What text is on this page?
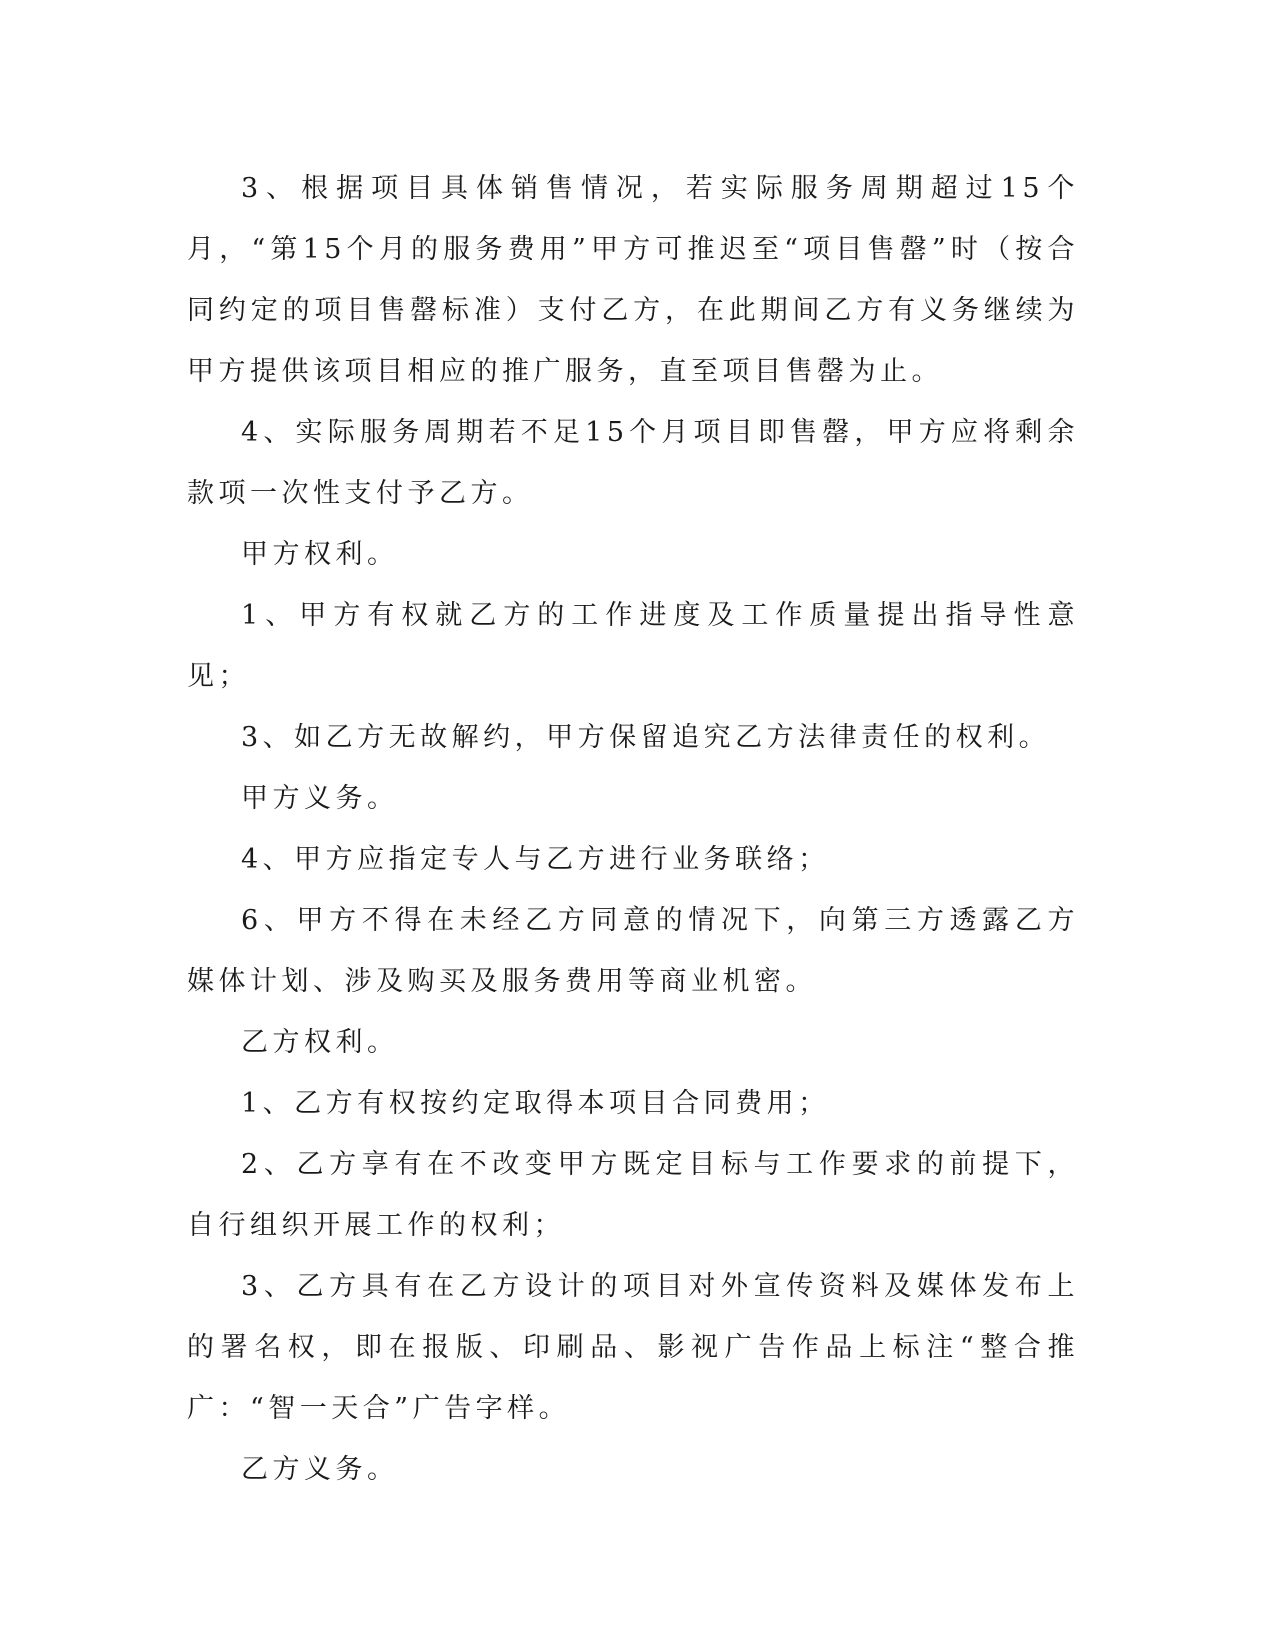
3、根据项目具体销售情况，若实际服务周期超过15个月，“第15个月的服务费用”甲方可推迟至“项目售罄”时（按合同约定的项目售罄标准）支付乙方，在此期间乙方有义务继续为甲方提供该项目相应的推广服务，直至项目售罄为止。

4、实际服务周期若不足15个月项目即售罄，甲方应将剩余款项一次性支付予乙方。

甲方权利。

1、甲方有权就乙方的工作进度及工作质量提出指导性意见；

3、如乙方无故解约，甲方保留追究乙方法律责任的权利。

甲方义务。

4、甲方应指定专人与乙方进行业务联络；

6、甲方不得在未经乙方同意的情况下，向第三方透露乙方媒体计划、涉及购买及服务费用等商业机密。

乙方权利。

1、乙方有权按约定取得本项目合同费用；

2、乙方享有在不改变甲方既定目标与工作要求的前提下，自行组织开展工作的权利；

3、乙方具有在乙方设计的项目对外宣传资料及媒体发布上的署名权，即在报版、印刷品、影视广告作品上标注“整合推广：“智一天合”广告字样。

乙方义务。
